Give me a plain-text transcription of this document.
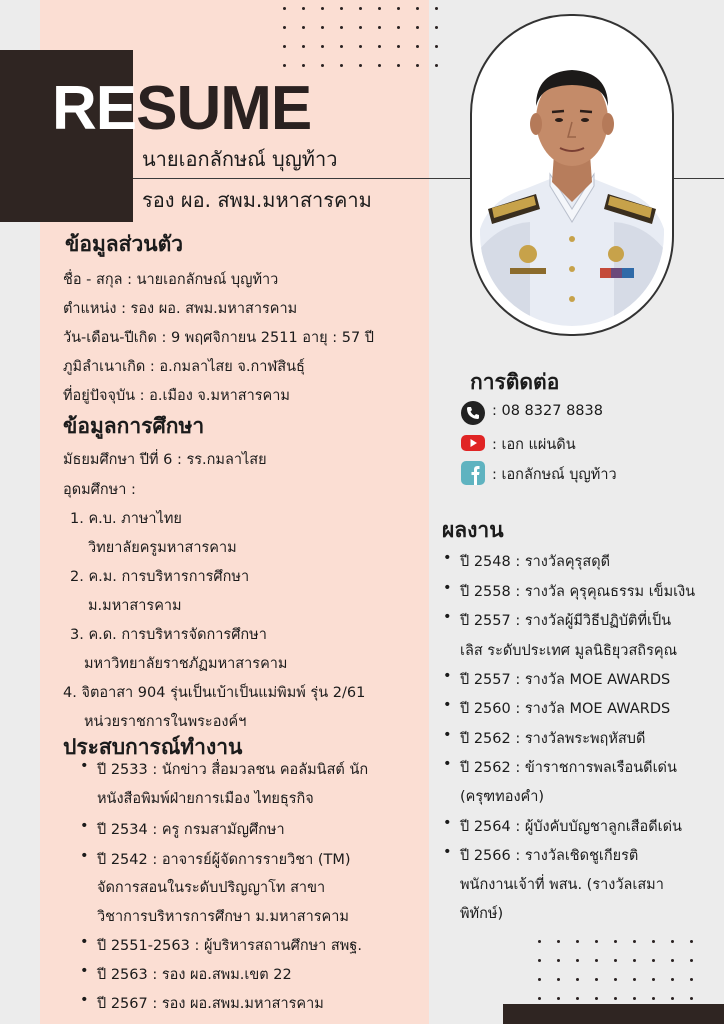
RESUME
นายเอกลักษณ์ บุญท้าว
รอง ผอ. สพม.มหาสารคาม
ข้อมูลส่วนตัว
ชื่อ - สกุล : นายเอกลักษณ์ บุญท้าว
ตำแหน่ง : รอง ผอ. สพม.มหาสารคาม
วัน-เดือน-ปีเกิด : 9 พฤศจิกายน 2511 อายุ : 57 ปี
ภูมิลำเนาเกิด : อ.กมลาไสย จ.กาฬสินธุ์
ที่อยู่ปัจจุบัน : อ.เมือง จ.มหาสารคาม
ข้อมูลการศึกษา
มัธยมศึกษา ปีที่ 6 : รร.กมลาไสย
อุดมศึกษา :
1. ค.บ. ภาษาไทย
วิทยาลัยครูมหาสารคาม
2. ค.ม. การบริหารการศึกษา
ม.มหาสารคาม
3. ค.ด. การบริหารจัดการศึกษา
มหาวิทยาลัยราชภัฏมหาสารคาม
4. จิตอาสา 904 รุ่นเป็นเบ้าเป็นแม่พิมพ์ รุ่น 2/61
หน่วยราชการในพระองค์ฯ
ประสบการณ์ทำงาน
• ปี 2533 : นักข่าว สื่อมวลชน คอลัมนิสต์ นัก
หนังสือพิมพ์ฝ่ายการเมือง ไทยธุรกิจ
• ปี 2534 : ครู กรมสามัญศึกษา
• ปี 2542 : อาจารย์ผู้จัดการรายวิชา (TM)
จัดการสอนในระดับปริญญาโท สาขา
วิชาการบริหารการศึกษา ม.มหาสารคาม
• ปี 2551-2563 : ผู้บริหารสถานศึกษา สพฐ.
• ปี 2563 : รอง ผอ.สพม.เขต 22
• ปี 2567 : รอง ผอ.สพม.มหาสารคาม
การติดต่อ
: 08 8327 8838
: เอก แผ่นดิน
: เอกลักษณ์ บุญท้าว
ผลงาน
• ปี 2548 : รางวัลคุรุสดุดี
• ปี 2558 : รางวัล คุรุคุณธรรม เข็มเงิน
• ปี 2557 : รางวัลผู้มีวิธีปฏิบัติที่เป็น
เลิส ระดับประเทศ มูลนิธิยุวสถิรคุณ
• ปี 2557 : รางวัล MOE AWARDS
• ปี 2560 : รางวัล MOE AWARDS
• ปี 2562 : รางวัลพระพฤหัสบดี
• ปี 2562 : ข้าราชการพลเรือนดีเด่น
(ครุฑทองคำ)
• ปี 2564 : ผู้บังคับบัญชาลูกเสือดีเด่น
• ปี 2566 : รางวัลเชิดชูเกียรติ
พนักงานเจ้าที่ พสน. (รางวัลเสมา
พิทักษ์)
